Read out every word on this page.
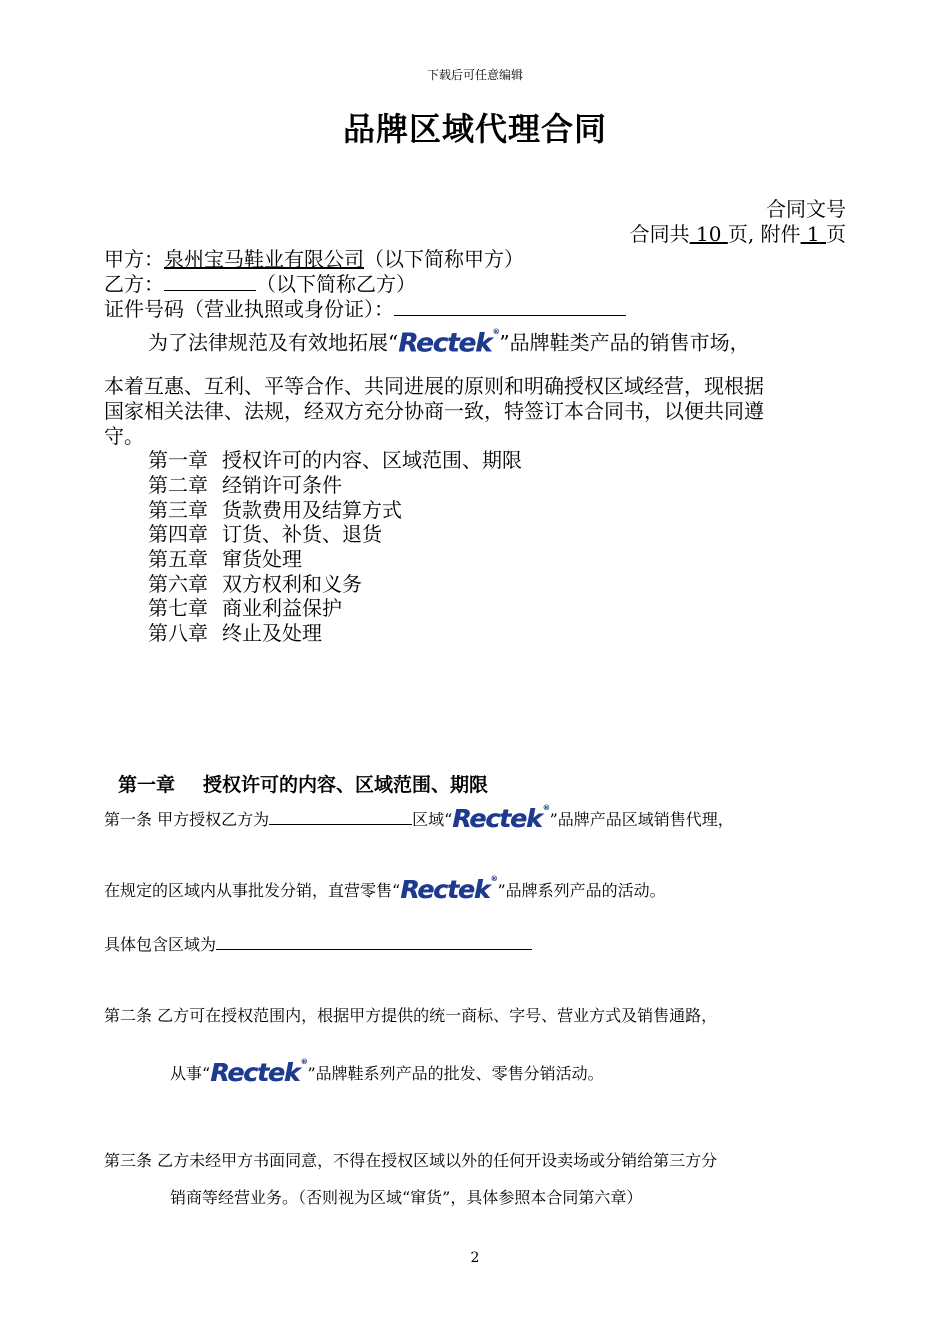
下载后可任意编辑
品牌区域代理合同
合同文号
合同共 10 页, 附件 1 页
甲方：泉州宝马鞋业有限公司（以下简称甲方）
乙方：	（以下简称乙方）
证件号码（营业执照或身份证）：
为了法律规范及有效地拓展“Rectek®”品牌鞋类产品的销售市场，
本着互惠、互利、平等合作、共同进展的原则和明确授权区域经营，现根据
国家相关法律、法规，经双方充分协商一致，特签订本合同书，以便共同遵
守。
第一章 授权许可的内容、区域范围、期限
第二章 经销许可条件
第三章 货款费用及结算方式
第四章 订货、补货、退货
第五章 窜货处理
第六章 双方权利和义务
第七章 商业利益保护
第八章 终止及处理
第一章 授权许可的内容、区域范围、期限
第一条 甲方授权乙方为	区域“Rectek®”品牌产品区域销售代理，
在规定的区域内从事批发分销，直营零售“Rectek®”品牌系列产品的活动。
具体包含区域为
第二条 乙方可在授权范围内，根据甲方提供的统一商标、字号、营业方式及销售通路，
从事“Rectek®”品牌鞋系列产品的批发、零售分销活动。
第三条 乙方未经甲方书面同意，不得在授权区域以外的任何开设卖场或分销给第三方分
销商等经营业务。（否则视为区域“窜货”，具体参照本合同第六章）
2
